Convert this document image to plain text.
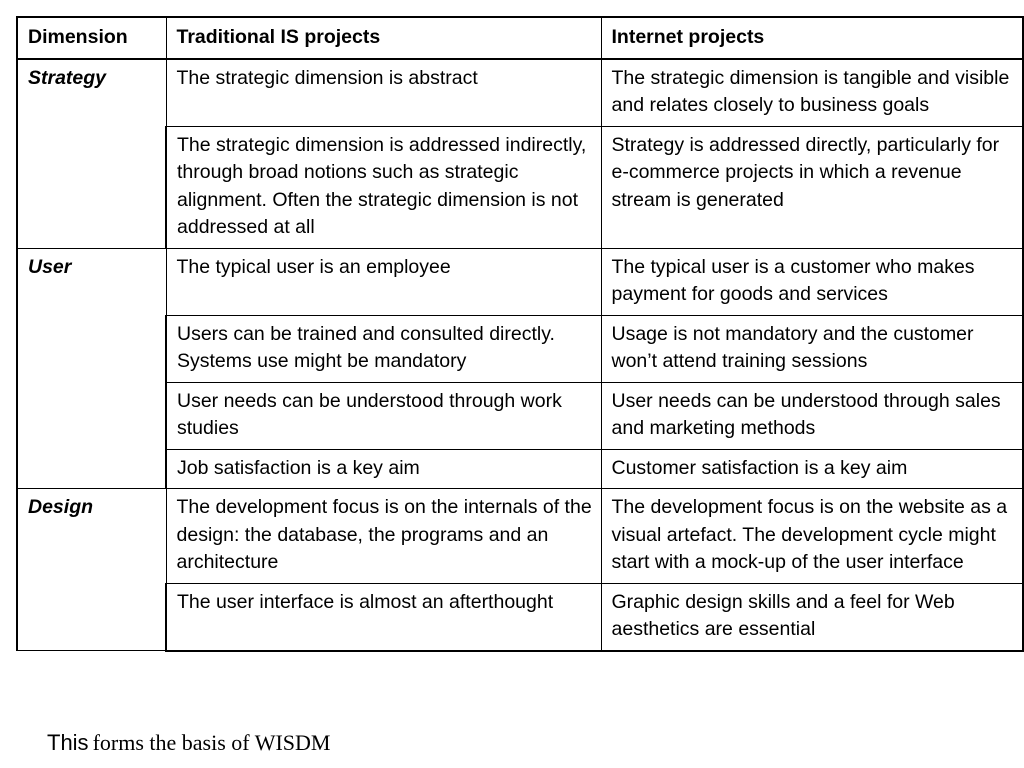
Dimension	Traditional IS projects	Internet projects
Strategy	The strategic dimension is abstract	The strategic dimension is tangible and visible and relates closely to business goals
	The strategic dimension is addressed indirectly, through broad notions such as strategic alignment. Often the strategic dimension is not addressed at all	Strategy is addressed directly, particularly for e-commerce projects in which a revenue stream is generated
User	The typical user is an employee	The typical user is a customer who makes payment for goods and services
	Users can be trained and consulted directly. Systems use might be mandatory	Usage is not mandatory and the customer won’t attend training sessions
	User needs can be understood through work studies	User needs can be understood through sales and marketing methods
	Job satisfaction is a key aim	Customer satisfaction is a key aim
Design	The development focus is on the internals of the design: the database, the programs and an architecture	The development focus is on the website as a visual artefact. The development cycle might start with a mock-up of the user interface
	The user interface is almost an afterthought	Graphic design skills and a feel for Web aesthetics are essential

This forms the basis of WISDM
